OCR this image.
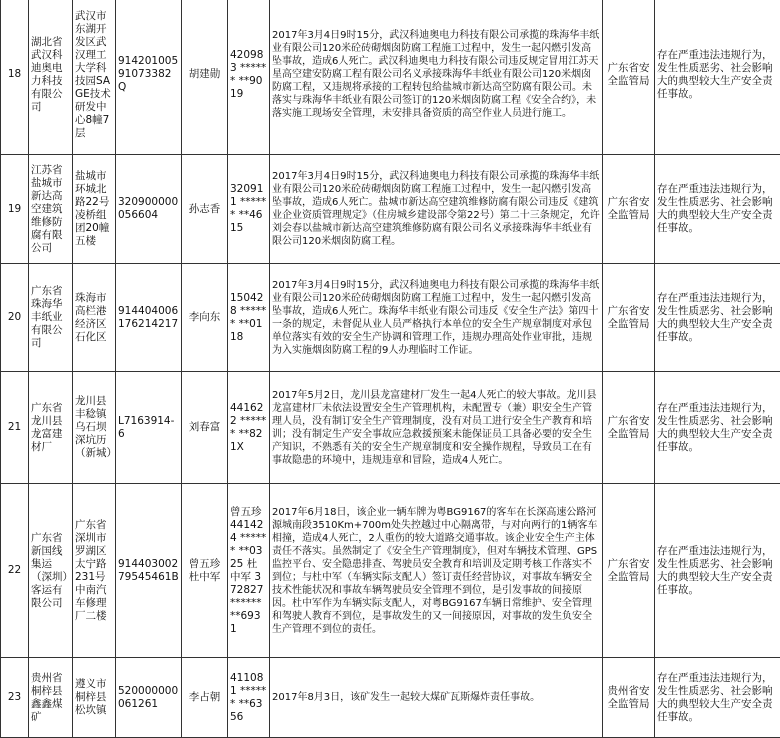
18	湖北省武汉科迪奥电力科技有限公司	武汉市东湖开发区武汉理工大学科技园SAGE技术研发中心8幢7层	914201005 91073382Q	胡建勋	420983 ****** **9019	2017年3月4日9时15分，武汉科迪奥电力科技有限公司承揽的珠海华丰纸业有限公司120米砼砖砌烟囱防腐工程施工过程中，发生一起闪燃引发高坠事故，造成6人死亡。武汉科迪奥电力科技有限公司违反规定冒用江苏天星高空建安防腐工程有限公司名义承接珠海华丰纸业有限公司120米烟囱防腐工程，又违规将承接的工程转包给盐城市新达高空防腐有限公司。未落实与珠海华丰纸业有限公司签订的120米烟囱防腐工程《安全合约》，未落实施工现场安全管理，未安排具备资质的高空作业人员进行施工。	广东省安全监管局	存在严重违法违规行为，发生性质恶劣、社会影响大的典型较大生产安全责任事故。
19	江苏省盐城市新达高空建筑维修防腐有限公司	盐城市环城北路22号凌桥组团20幢五楼	320900000 056604	孙志香	320911 ****** **4615	2017年3月4日9时15分，武汉科迪奥电力科技有限公司承揽的珠海华丰纸业有限公司120米砼砖砌烟囱防腐工程施工过程中，发生一起闪燃引发高坠事故，造成6人死亡。盐城市新达高空建筑维修防腐有限公司违反《建筑业企业资质管理规定》（住房城乡建设部令第22号）第二十三条规定，允许刘会春以盐城市新达高空建筑维修防腐有限公司名义承接珠海华丰纸业有限公司120米烟囱防腐工程。	广东省安全监管局	存在严重违法违规行为，发生性质恶劣、社会影响大的典型较大生产安全责任事故。
20	广东省珠海华丰纸业有限公司	珠海市高栏港经济区石化区	914404006 176214217	李向东	150428 ****** **0118	2017年3月4日9时15分，武汉科迪奥电力科技有限公司承揽的珠海华丰纸业有限公司120米砼砖砌烟囱防腐工程施工过程中，发生一起闪燃引发高坠事故，造成6人死亡。珠海华丰纸业有限公司违反《安全生产法》第四十一条的规定，未督促从业人员严格执行本单位的安全生产规章制度对承包单位落实有效的安全生产协调和管理工作，违规办理高处作业审批，违规为入实施烟囱防腐工程的9人办理临时工作证。	广东省安全监管局	存在严重违法违规行为，发生性质恶劣、社会影响大的典型较大生产安全责任事故。
21	广东省龙川县龙富建材厂	龙川县丰稔镇乌石坝深坑历（新城）	L7163914-6	刘春富	441622 ****** **821X	2017年5月2日，龙川县龙富建材厂发生一起4人死亡的较大事故。龙川县龙富建材厂未依法设置安全生产管理机构，未配置专（兼）职安全生产管理人员，没有制订安全生产管理制度，没有对员工进行安全生产教育和培训；没有制定生产安全事故应急救援预案未能保证员工具备必要的安全生产知识，不熟悉有关的安全生产规章制度和安全操作规程，导致员工在有事故隐患的环境中，违规违章和冒险，造成4人死亡。	广东省安全监管局	存在严重违法违规行为，发生性质恶劣、社会影响大的典型较大生产安全责任事故。
22	广东省新国线集运（深圳）客运有限公司	广东省深圳市罗湖区太宁路231号中南汽车修理厂二楼	914403002 79545461B	曾五珍 杜中军	曾五珍 441424 ****** **0325 杜中军 372827 ****** **6931	2017年6月18日，该企业一辆车牌为粤BG9167的客车在长深高速公路河源城南段3510Km+700m处失控越过中心隔离带，与对向两行的1辆客车相撞，造成4人死亡，2人重伤的较大道路交通事故。该企业安全生产主体责任不落实。虽然制定了《安全生产管理制度》，但对车辆技术管理、GPS监控平台、安全隐患排查、驾驶员安全教育和培训及定期考核工作落实不到位；与杜中军（车辆实际支配人）签订责任经营协议，对事故车辆安全技术性能状况和事故车辆驾驶员安全管理不到位，是引发事故的间接原因。杜中军作为车辆实际支配人，对粤BG9167车辆日常维护、安全管理和驾驶人教育不到位，是事故发生的又一间接原因，对事故的发生负安全生产管理不到位的责任。	广东省安全监管局	存在严重违法违规行为，发生性质恶劣、社会影响大的典型较大生产安全责任事故。
23	贵州省桐梓县鑫鑫煤矿	遵义市桐梓县松坎镇	520000000 061261	李占朝	411081 ****** **6356	2017年8月3日，该矿发生一起较大煤矿瓦斯爆炸责任事故。	贵州省安全监管局	存在严重违法违规行为，发生性质恶劣、社会影响大的典型较大生产安全责任事故。
